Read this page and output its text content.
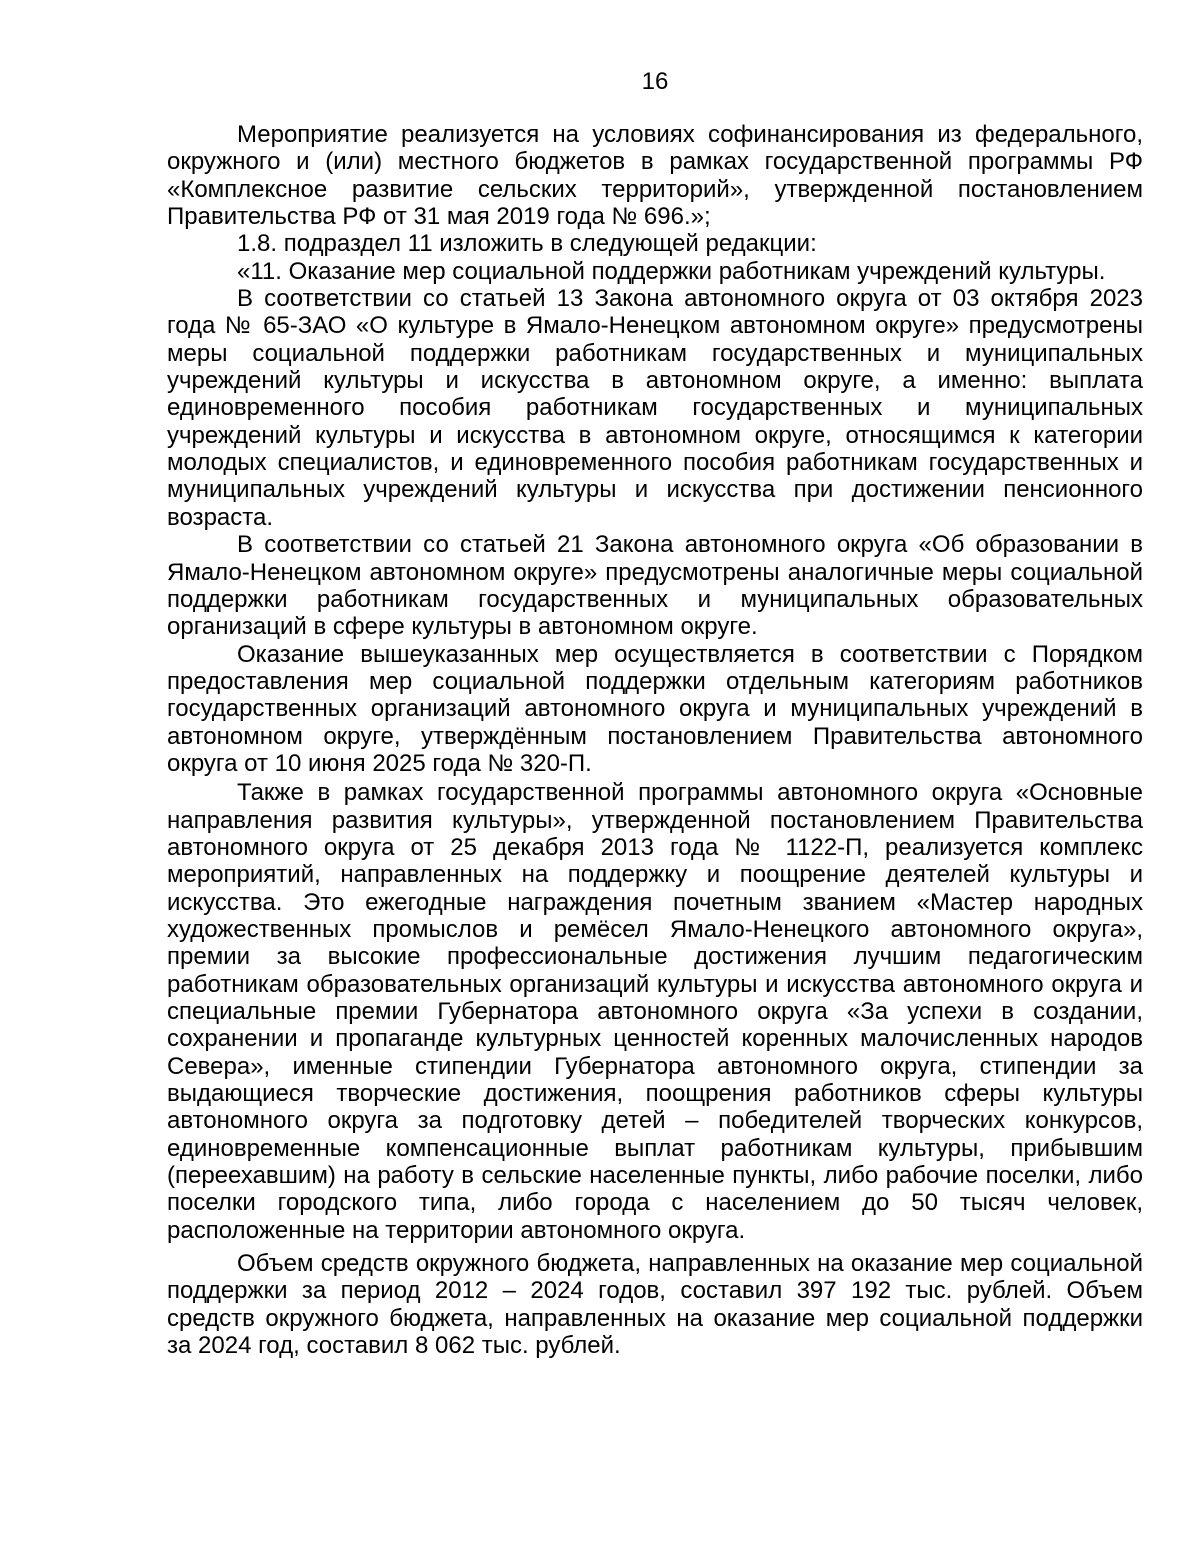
16

Мероприятие реализуется на условиях софинансирования из федерального, окружного и (или) местного бюджетов в рамках государственной программы РФ «Комплексное развитие сельских территорий», утвержденной постановлением Правительства РФ от 31 мая 2019 года № 696.»;

1.8. подраздел 11 изложить в следующей редакции:

«11. Оказание мер социальной поддержки работникам учреждений культуры.

В соответствии со статьей 13 Закона автономного округа от 03 октября 2023 года № 65-ЗАО «О культуре в Ямало-Ненецком автономном округе» предусмотрены меры социальной поддержки работникам государственных и муниципальных учреждений культуры и искусства в автономном округе, а именно: выплата единовременного пособия работникам государственных и муниципальных учреждений культуры и искусства в автономном округе, относящимся к категории молодых специалистов, и единовременного пособия работникам государственных и муниципальных учреждений культуры и искусства при достижении пенсионного возраста.

В соответствии со статьей 21 Закона автономного округа «Об образовании в Ямало-Ненецком автономном округе» предусмотрены аналогичные меры социальной поддержки работникам государственных и муниципальных образовательных организаций в сфере культуры в автономном округе.

Оказание вышеуказанных мер осуществляется в соответствии с Порядком предоставления мер социальной поддержки отдельным категориям работников государственных организаций автономного округа и муниципальных учреждений в автономном округе, утверждённым постановлением Правительства автономного округа от 10 июня 2025 года № 320-П.

Также в рамках государственной программы автономного округа «Основные направления развития культуры», утвержденной постановлением Правительства автономного округа от 25 декабря 2013 года № 1122-П, реализуется комплекс мероприятий, направленных на поддержку и поощрение деятелей культуры и искусства. Это ежегодные награждения почетным званием «Мастер народных художественных промыслов и ремёсел Ямало-Ненецкого автономного округа», премии за высокие профессиональные достижения лучшим педагогическим работникам образовательных организаций культуры и искусства автономного округа и специальные премии Губернатора автономного округа «За успехи в создании, сохранении и пропаганде культурных ценностей коренных малочисленных народов Севера», именные стипендии Губернатора автономного округа, стипендии за выдающиеся творческие достижения, поощрения работников сферы культуры автономного округа за подготовку детей – победителей творческих конкурсов, единовременные компенсационные выплат работникам культуры, прибывшим (переехавшим) на работу в сельские населенные пункты, либо рабочие поселки, либо поселки городского типа, либо города с населением до 50 тысяч человек, расположенные на территории автономного округа.

Объем средств окружного бюджета, направленных на оказание мер социальной поддержки за период 2012 – 2024 годов, составил 397 192 тыс. рублей. Объем средств окружного бюджета, направленных на оказание мер социальной поддержки за 2024 год, составил 8 062 тыс. рублей.
